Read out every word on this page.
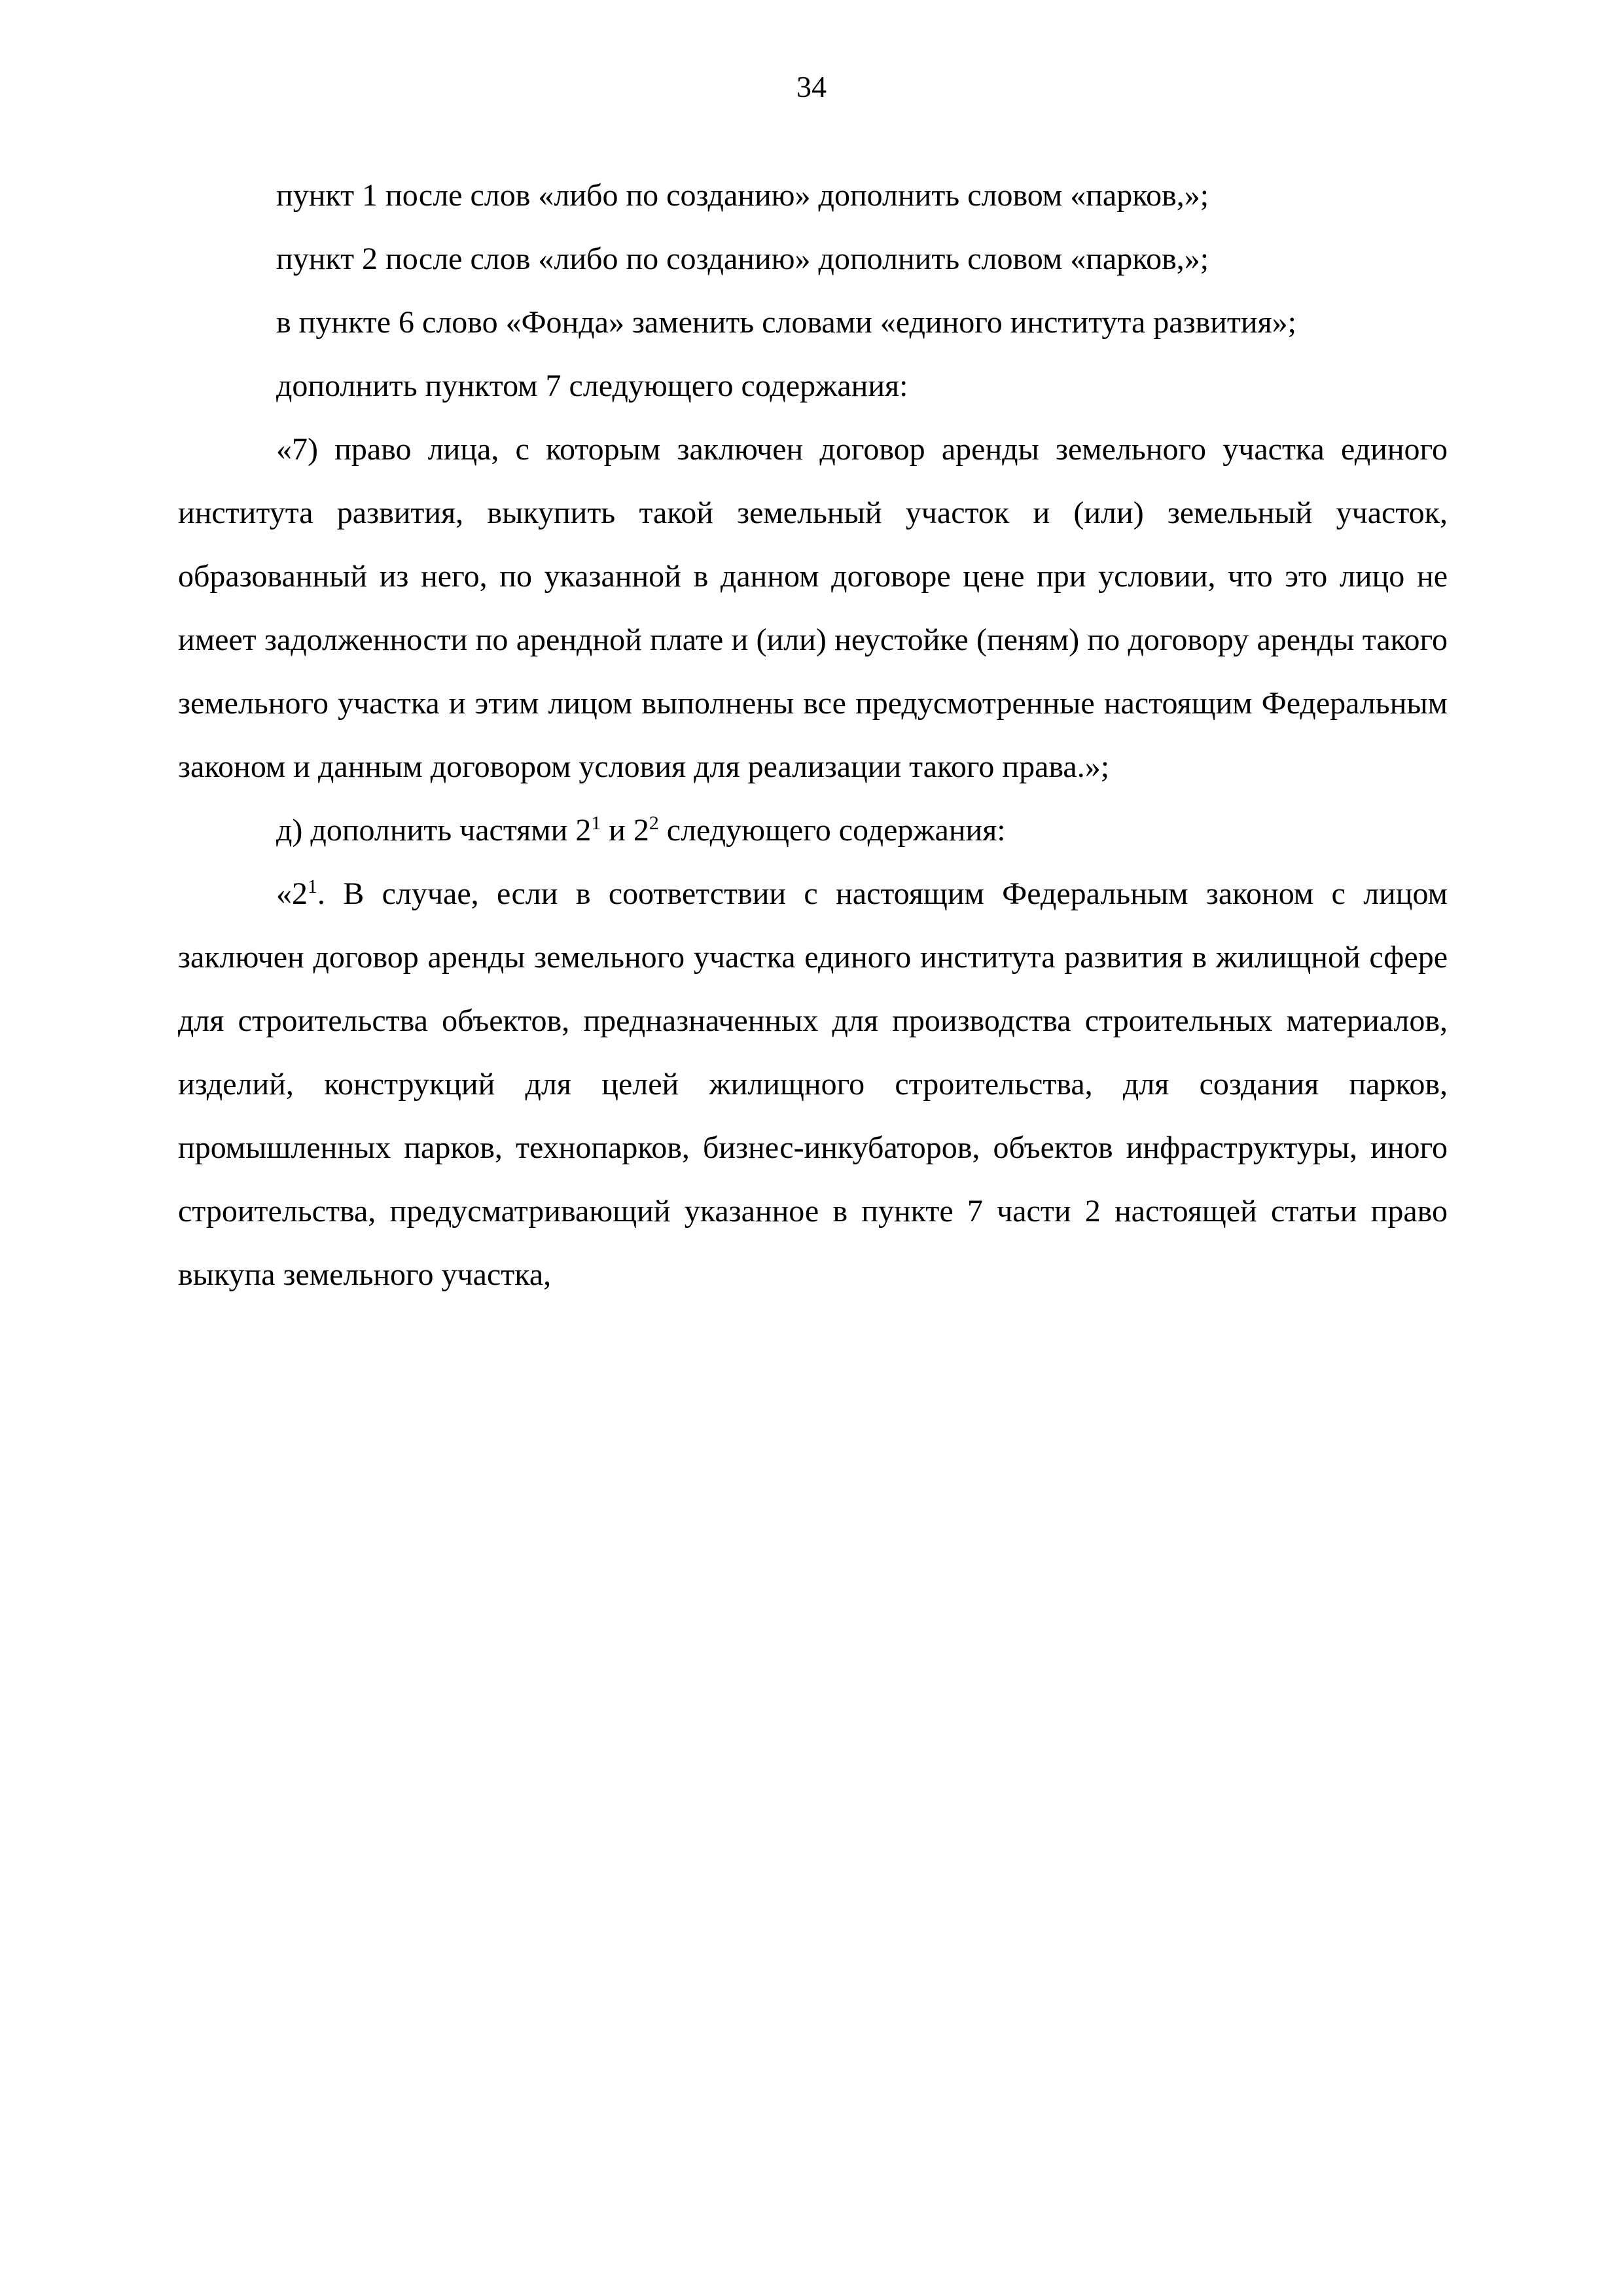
34

пункт 1 после слов «либо по созданию» дополнить словом «парков,»;

пункт 2 после слов «либо по созданию» дополнить словом «парков,»;

в пункте 6 слово «Фонда» заменить словами «единого института развития»;

дополнить пунктом 7 следующего содержания:

«7) право лица, с которым заключен договор аренды земельного участка единого института развития, выкупить такой земельный участок и (или) земельный участок, образованный из него, по указанной в данном договоре цене при условии, что это лицо не имеет задолженности по арендной плате и (или) неустойке (пеням) по договору аренды такого земельного участка и этим лицом выполнены все предусмотренные настоящим Федеральным законом и данным договором условия для реализации такого права.»;

д) дополнить частями $2^1$ и $2^2$ следующего содержания:

«$2^1$. В случае, если в соответствии с настоящим Федеральным законом с лицом заключен договор аренды земельного участка единого института развития в жилищной сфере для строительства объектов, предназначенных для производства строительных материалов, изделий, конструкций для целей жилищного строительства, для создания парков, промышленных парков, технопарков, бизнес-инкубаторов, объектов инфраструктуры, иного строительства, предусматривающий указанное в пункте 7 части 2 настоящей статьи право выкупа земельного участка,
